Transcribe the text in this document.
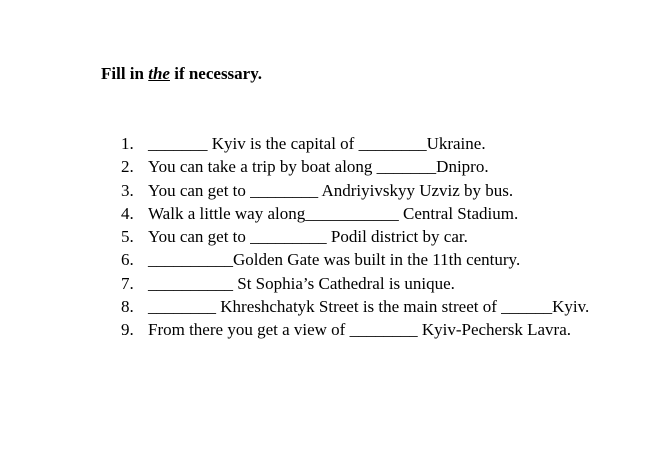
Fill in the if necessary.
1. _______ Kyiv is the capital of ________Ukraine.
2. You can take a trip by boat along _______Dnipro.
3. You can get to ________ Andriyivskyy Uzviz by bus.
4. Walk a little way along___________ Central Stadium.
5. You can get to _________ Podil district by car.
6. __________Golden Gate was built in the 11th century.
7. __________ St Sophia’s Cathedral is unique.
8. ________ Khreshchatyk Street is the main street of ______Kyiv.
9. From there you get a view of ________ Kyiv-Pechersk Lavra.
